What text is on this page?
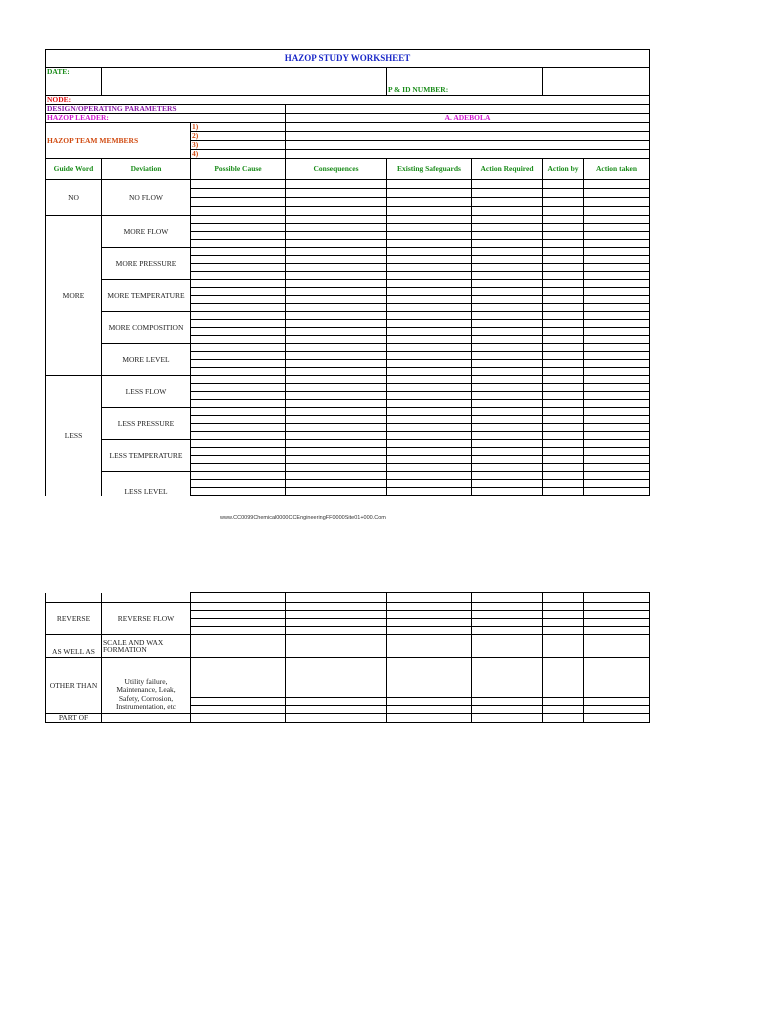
HAZOP STUDY WORKSHEET							
DATE:				P & ID NUMBER:			
NODE:							
DESIGN/OPERATING PARAMETERS							
HAZOP LEADER:			A. ADEBOLA				
HAZOP TEAM MEMBERS		1)					
		2)					
		3)					
		4)					
Guide Word	Deviation	Possible Cause	Consequences	Existing Safeguards	Action Required	Action by	Action taken
NO	NO FLOW						

MORE	MORE FLOW						

	MORE PRESSURE						

	MORE TEMPERATURE						

	MORE COMPOSITION						

	MORE LEVEL						

LESS	LESS FLOW						

	LESS PRESSURE						

	LESS TEMPERATURE						

	LESS LEVEL						

www.CC0099Chemical0000CCEngineeringFF0000Site01+000.Com

REVERSE	REVERSE FLOW						

AS WELL AS	SCALE AND WAX FORMATION						
OTHER THAN	Utility failure,
Maintenance, Leak,
Safety, Corrosion,
Instrumentation, etc						

PART OF							
